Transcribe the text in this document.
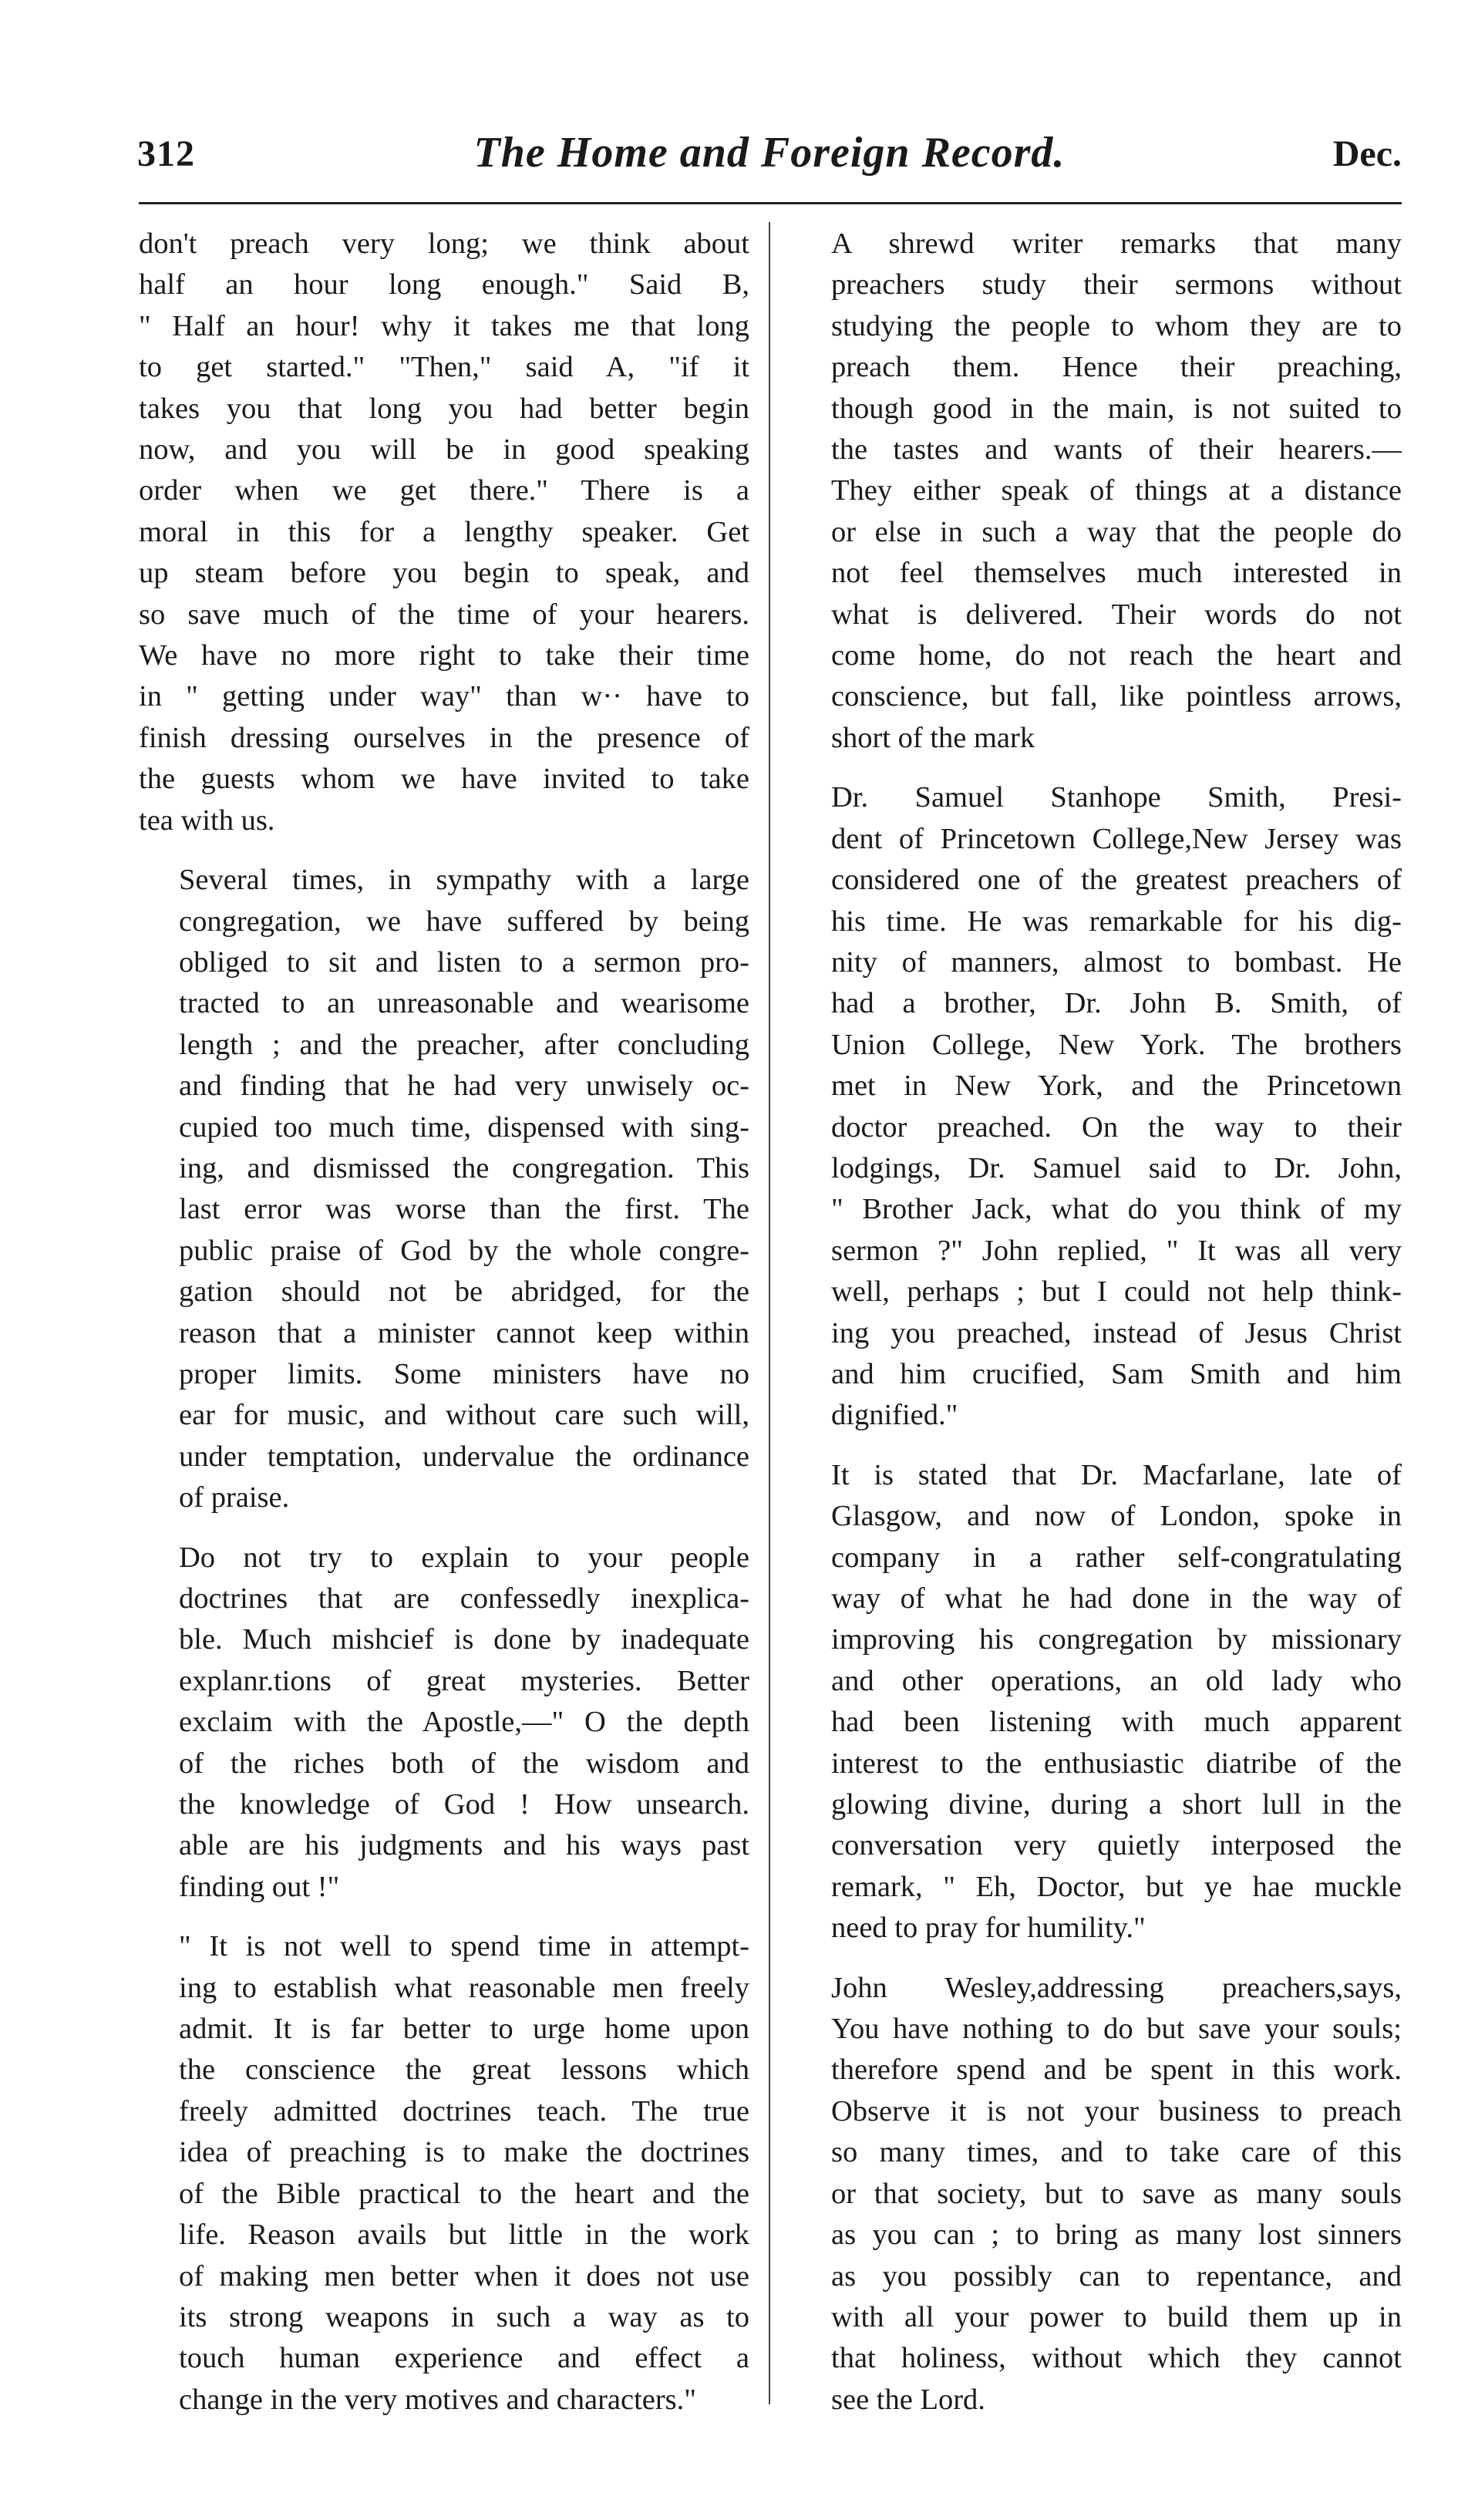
312	The Home and Foreign Record.	Dec.

don't preach very long; we think about
half an hour long enough." Said B,
" Half an hour! why it takes me that long
to get started." "Then," said A, "if it
takes you that long you had better begin
now, and you will be in good speaking
order when we get there." There is a
moral in this for a lengthy speaker. Get
up steam before you begin to speak, and
so save much of the time of your hearers.
We have no more right to take their time
in " getting under way" than w·· have to
finish dressing ourselves in the presence of
the guests whom we have invited to take
tea with us.

Several times, in sympathy with a large
congregation, we have suffered by being
obliged to sit and listen to a sermon pro-
tracted to an unreasonable and wearisome
length ; and the preacher, after concluding
and finding that he had very unwisely oc-
cupied too much time, dispensed with sing-
ing, and dismissed the congregation. This
last error was worse than the first. The
public praise of God by the whole congre-
gation should not be abridged, for the
reason that a minister cannot keep within
proper limits. Some ministers have no
ear for music, and without care such will,
under temptation, undervalue the ordinance
of praise.

Do not try to explain to your people
doctrines that are confessedly inexplica-
ble. Much mishcief is done by inadequate
explanr.tions of great mysteries. Better
exclaim with the Apostle,—" O the depth
of the riches both of the wisdom and
the knowledge of God ! How unsearch.
able are his judgments and his ways past
finding out !"

" It is not well to spend time in attempt-
ing to establish what reasonable men freely
admit. It is far better to urge home upon
the conscience the great lessons which
freely admitted doctrines teach. The true
idea of preaching is to make the doctrines
of the Bible practical to the heart and the
life. Reason avails but little in the work
of making men better when it does not use
its strong weapons in such a way as to
touch human experience and effect a
change in the very motives and characters."

A shrewd writer remarks that many
preachers study their sermons without
studying the people to whom they are to
preach them. Hence their preaching,
though good in the main, is not suited to
the tastes and wants of their hearers.—
They either speak of things at a distance
or else in such a way that the people do
not feel themselves much interested in
what is delivered. Their words do not
come home, do not reach the heart and
conscience, but fall, like pointless arrows,
short of the mark

Dr. Samuel Stanhope Smith, Presi-
dent of Princetown College,New Jersey was
considered one of the greatest preachers of
his time. He was remarkable for his dig-
nity of manners, almost to bombast. He
had a brother, Dr. John B. Smith, of
Union College, New York. The brothers
met in New York, and the Princetown
doctor preached. On the way to their
lodgings, Dr. Samuel said to Dr. John,
" Brother Jack, what do you think of my
sermon ?" John replied, " It was all very
well, perhaps ; but I could not help think-
ing you preached, instead of Jesus Christ
and him crucified, Sam Smith and him
dignified."

It is stated that Dr. Macfarlane, late of
Glasgow, and now of London, spoke in
company in a rather self-congratulating
way of what he had done in the way of
improving his congregation by missionary
and other operations, an old lady who
had been listening with much apparent
interest to the enthusiastic diatribe of the
glowing divine, during a short lull in the
conversation very quietly interposed the
remark, " Eh, Doctor, but ye hae muckle
need to pray for humility."

John Wesley,addressing preachers,says,
You have nothing to do but save your souls;
therefore spend and be spent in this work.
Observe it is not your business to preach
so many times, and to take care of this
or that society, but to save as many souls
as you can ; to bring as many lost sinners
as you possibly can to repentance, and
with all your power to build them up in
that holiness, without which they cannot
see the Lord.
